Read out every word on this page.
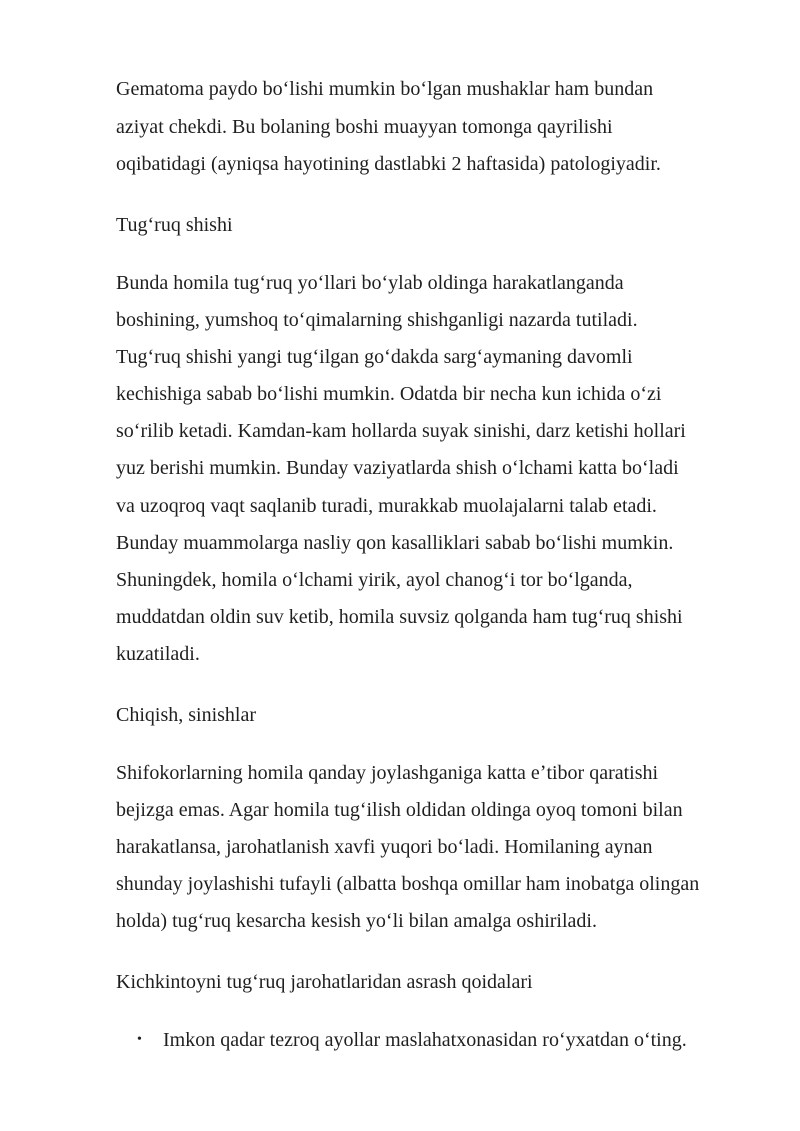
Gematoma paydo boʻlishi mumkin boʻlgan mushaklar ham bundan
aziyat chekdi. Bu bolaning boshi muayyan tomonga qayrilishi
oqibatidagi (ayniqsa hayotining dastlabki 2 haftasida) patologiyadir.
Tugʻruq shishi
Bunda homila tugʻruq yoʻllari boʻylab oldinga harakatlanganda
boshining, yumshoq toʻqimalarning shishganligi nazarda tutiladi.
Tugʻruq shishi yangi tugʻilgan goʻdakda sargʻaymaning davomli
kechishiga sabab boʻlishi mumkin. Odatda bir necha kun ichida oʻzi
soʻrilib ketadi. Kamdan-kam hollarda suyak sinishi, darz ketishi hollari
yuz berishi mumkin. Bunday vaziyatlarda shish oʻlchami katta boʻladi
va uzoqroq vaqt saqlanib turadi, murakkab muolajalarni talab etadi.
Bunday muammolarga nasliy qon kasalliklari sabab boʻlishi mumkin.
Shuningdek, homila oʻlchami yirik, ayol chanogʻi tor boʻlganda,
muddatdan oldin suv ketib, homila suvsiz qolganda ham tugʻruq shishi
kuzatiladi.
Chiqish, sinishlar
Shifokorlarning homila qanday joylashganiga katta eʼtibor qaratishi
bejizga emas. Agar homila tugʻilish oldidan oldinga oyoq tomoni bilan
harakatlansa, jarohatlanish xavfi yuqori boʻladi. Homilaning aynan
shunday joylashishi tufayli (albatta boshqa omillar ham inobatga olingan
holda) tugʻruq kesarcha kesish yoʻli bilan amalga oshiriladi.
Kichkintoyni tugʻruq jarohatlaridan asrash qoidalari
• Imkon qadar tezroq ayollar maslahatxonasidan roʻyxatdan oʻting.
